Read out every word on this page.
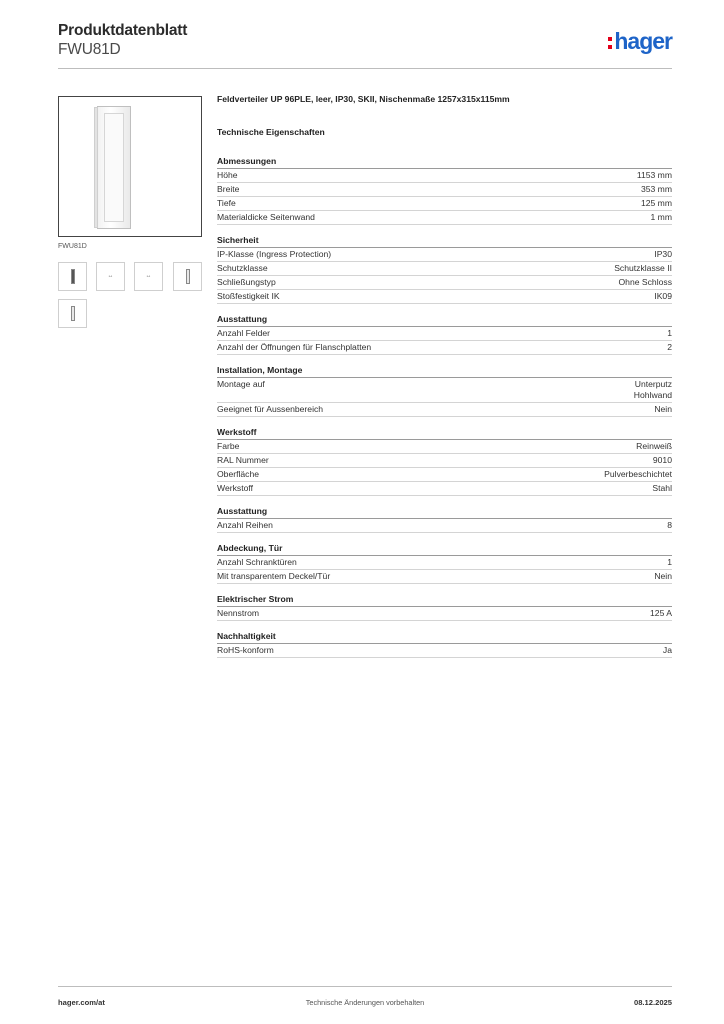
Produktdatenblatt
FWU81D	hager
FWU81D
↔	↔
Feldverteiler UP 96PLE, leer, IP30, SKII, Nischenmaße 1257x315x115mm
Technische Eigenschaften
Abmessungen
Höhe	1153 mm
Breite	353 mm
Tiefe	125 mm
Materialdicke Seitenwand	1 mm
Sicherheit
IP-Klasse (Ingress Protection)	IP30
Schutzklasse	Schutzklasse II
Schließungstyp	Ohne Schloss
Stoßfestigkeit IK	IK09
Ausstattung
Anzahl Felder	1
Anzahl der Öffnungen für Flanschplatten	2
Installation, Montage
Montage auf	Unterputz
Hohlwand
Geeignet für Aussenbereich	Nein
Werkstoff
Farbe	Reinweiß
RAL Nummer	9010
Oberfläche	Pulverbeschichtet
Werkstoff	Stahl
Ausstattung
Anzahl Reihen	8
Abdeckung, Tür
Anzahl Schranktüren	1
Mit transparentem Deckel/Tür	Nein
Elektrischer Strom
Nennstrom	125 A
Nachhaltigkeit
RoHS-konform	Ja
hager.com/at	Technische Änderungen vorbehalten	08.12.2025
